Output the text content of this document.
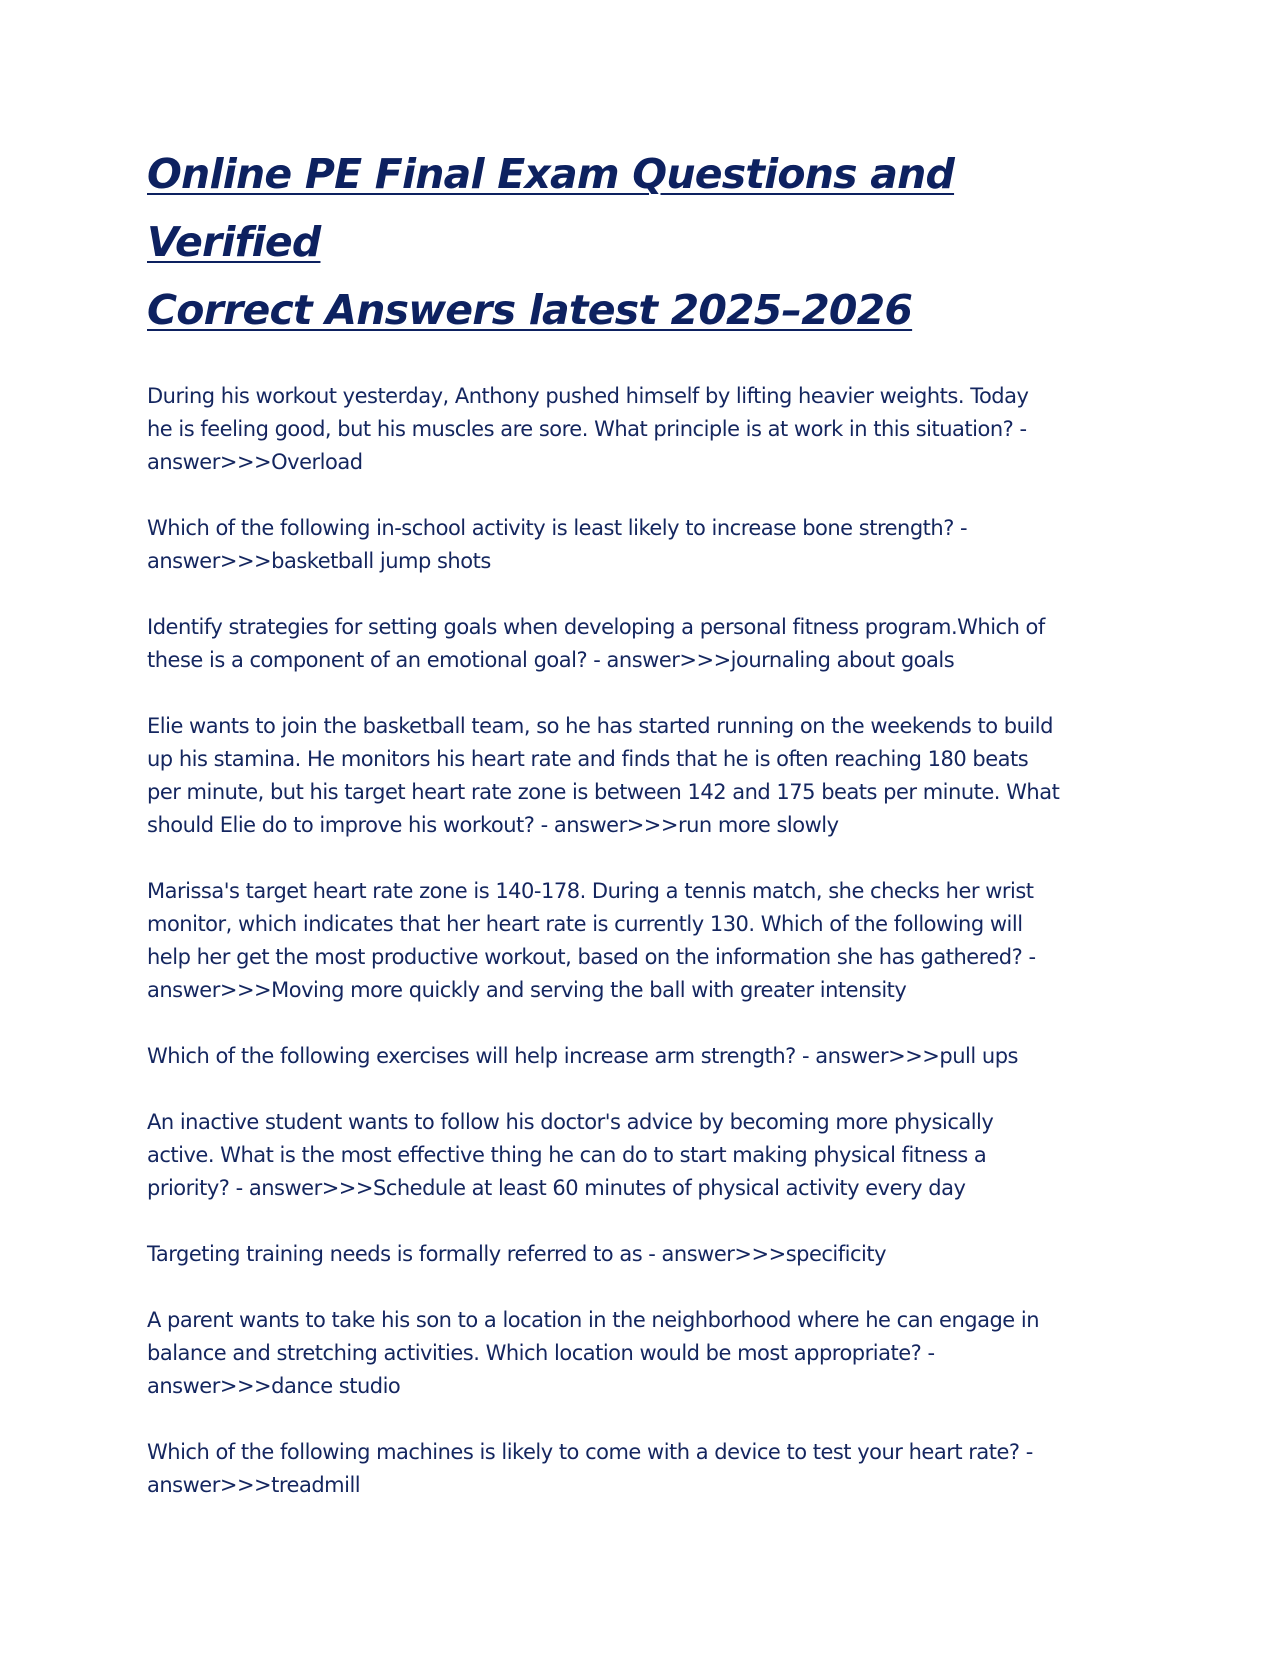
Online PE Final Exam Questions and Verified
Correct Answers latest 2025–2026

During his workout yesterday, Anthony pushed himself by lifting heavier weights. Today
he is feeling good, but his muscles are sore. What principle is at work in this situation? -
answer>>>Overload

Which of the following in-school activity is least likely to increase bone strength? -
answer>>>basketball jump shots

Identify strategies for setting goals when developing a personal fitness program.Which of
these is a component of an emotional goal? - answer>>>journaling about goals

Elie wants to join the basketball team, so he has started running on the weekends to build
up his stamina. He monitors his heart rate and finds that he is often reaching 180 beats
per minute, but his target heart rate zone is between 142 and 175 beats per minute. What
should Elie do to improve his workout? - answer>>>run more slowly

Marissa's target heart rate zone is 140-178. During a tennis match, she checks her wrist
monitor, which indicates that her heart rate is currently 130. Which of the following will
help her get the most productive workout, based on the information she has gathered? -
answer>>>Moving more quickly and serving the ball with greater intensity

Which of the following exercises will help increase arm strength? - answer>>>pull ups

An inactive student wants to follow his doctor's advice by becoming more physically
active. What is the most effective thing he can do to start making physical fitness a
priority? - answer>>>Schedule at least 60 minutes of physical activity every day

Targeting training needs is formally referred to as - answer>>>specificity

A parent wants to take his son to a location in the neighborhood where he can engage in
balance and stretching activities. Which location would be most appropriate? -
answer>>>dance studio

Which of the following machines is likely to come with a device to test your heart rate? -
answer>>>treadmill
